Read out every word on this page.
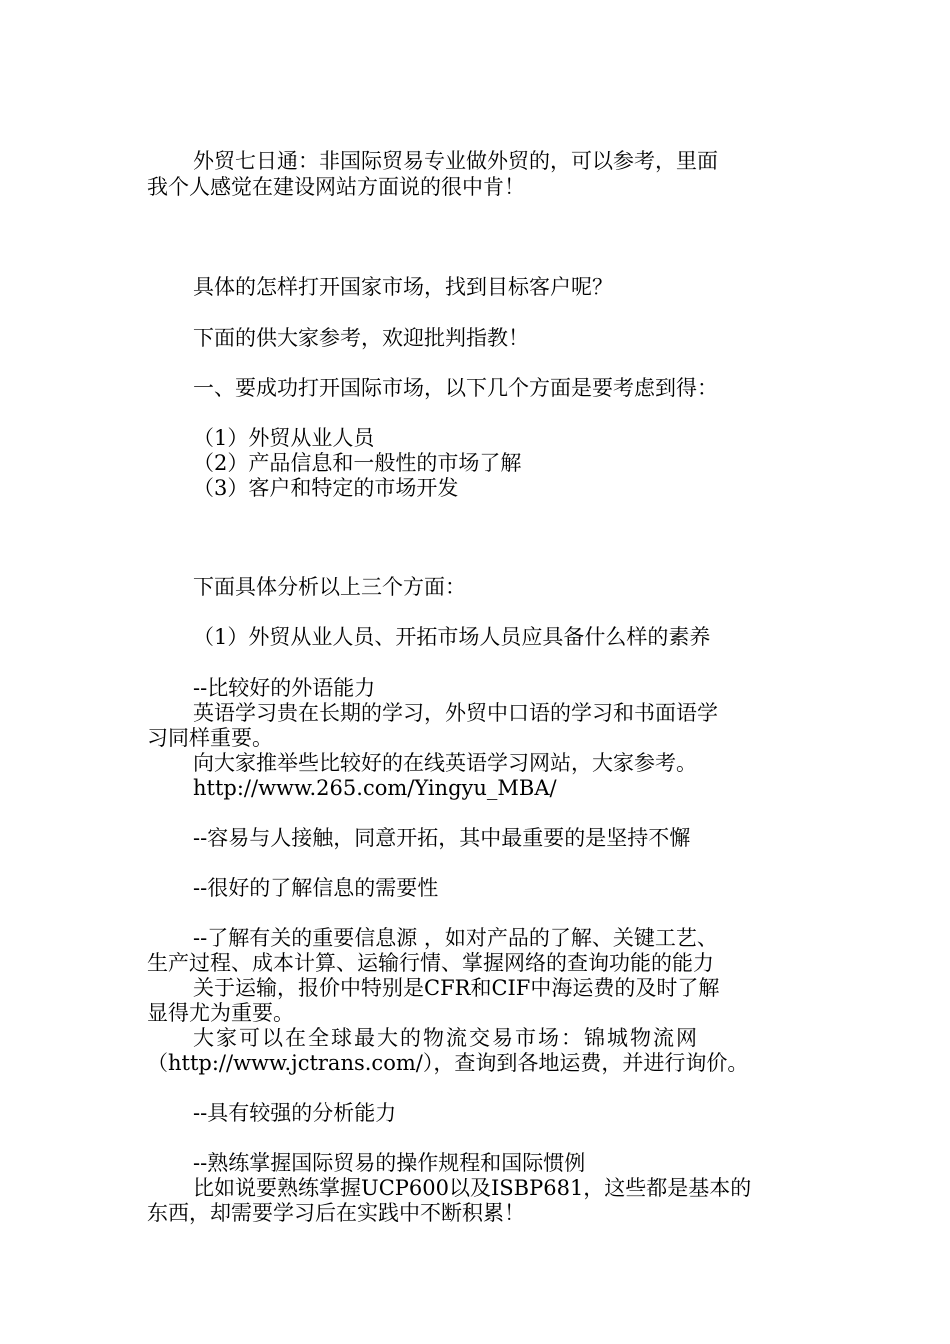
外贸七日通：非国际贸易专业做外贸的，可以参考，里面
我个人感觉在建设网站方面说的很中肯！
具体的怎样打开国家市场，找到目标客户呢？
下面的供大家参考，欢迎批判指教！
一、要成功打开国际市场，以下几个方面是要考虑到得：
（1）外贸从业人员
（2）产品信息和一般性的市场了解
（3）客户和特定的市场开发
下面具体分析以上三个方面：
（1）外贸从业人员、开拓市场人员应具备什么样的素养
--比较好的外语能力
英语学习贵在长期的学习，外贸中口语的学习和书面语学
习同样重要。
向大家推举些比较好的在线英语学习网站，大家参考。
http://www.265.com/Yingyu_MBA/
--容易与人接触，同意开拓，其中最重要的是坚持不懈
--很好的了解信息的需要性
--了解有关的重要信息源 ，如对产品的了解、关键工艺、
生产过程、成本计算、运输行情、掌握网络的查询功能的能力
关于运输，报价中特别是CFR和CIF中海运费的及时了解
显得尤为重要。
大家可以在全球最大的物流交易市场：锦城物流网
（http://www.jctrans.com/），查询到各地运费，并进行询价。
--具有较强的分析能力
--熟练掌握国际贸易的操作规程和国际惯例
比如说要熟练掌握UCP600以及ISBP681，这些都是基本的
东西，却需要学习后在实践中不断积累！
